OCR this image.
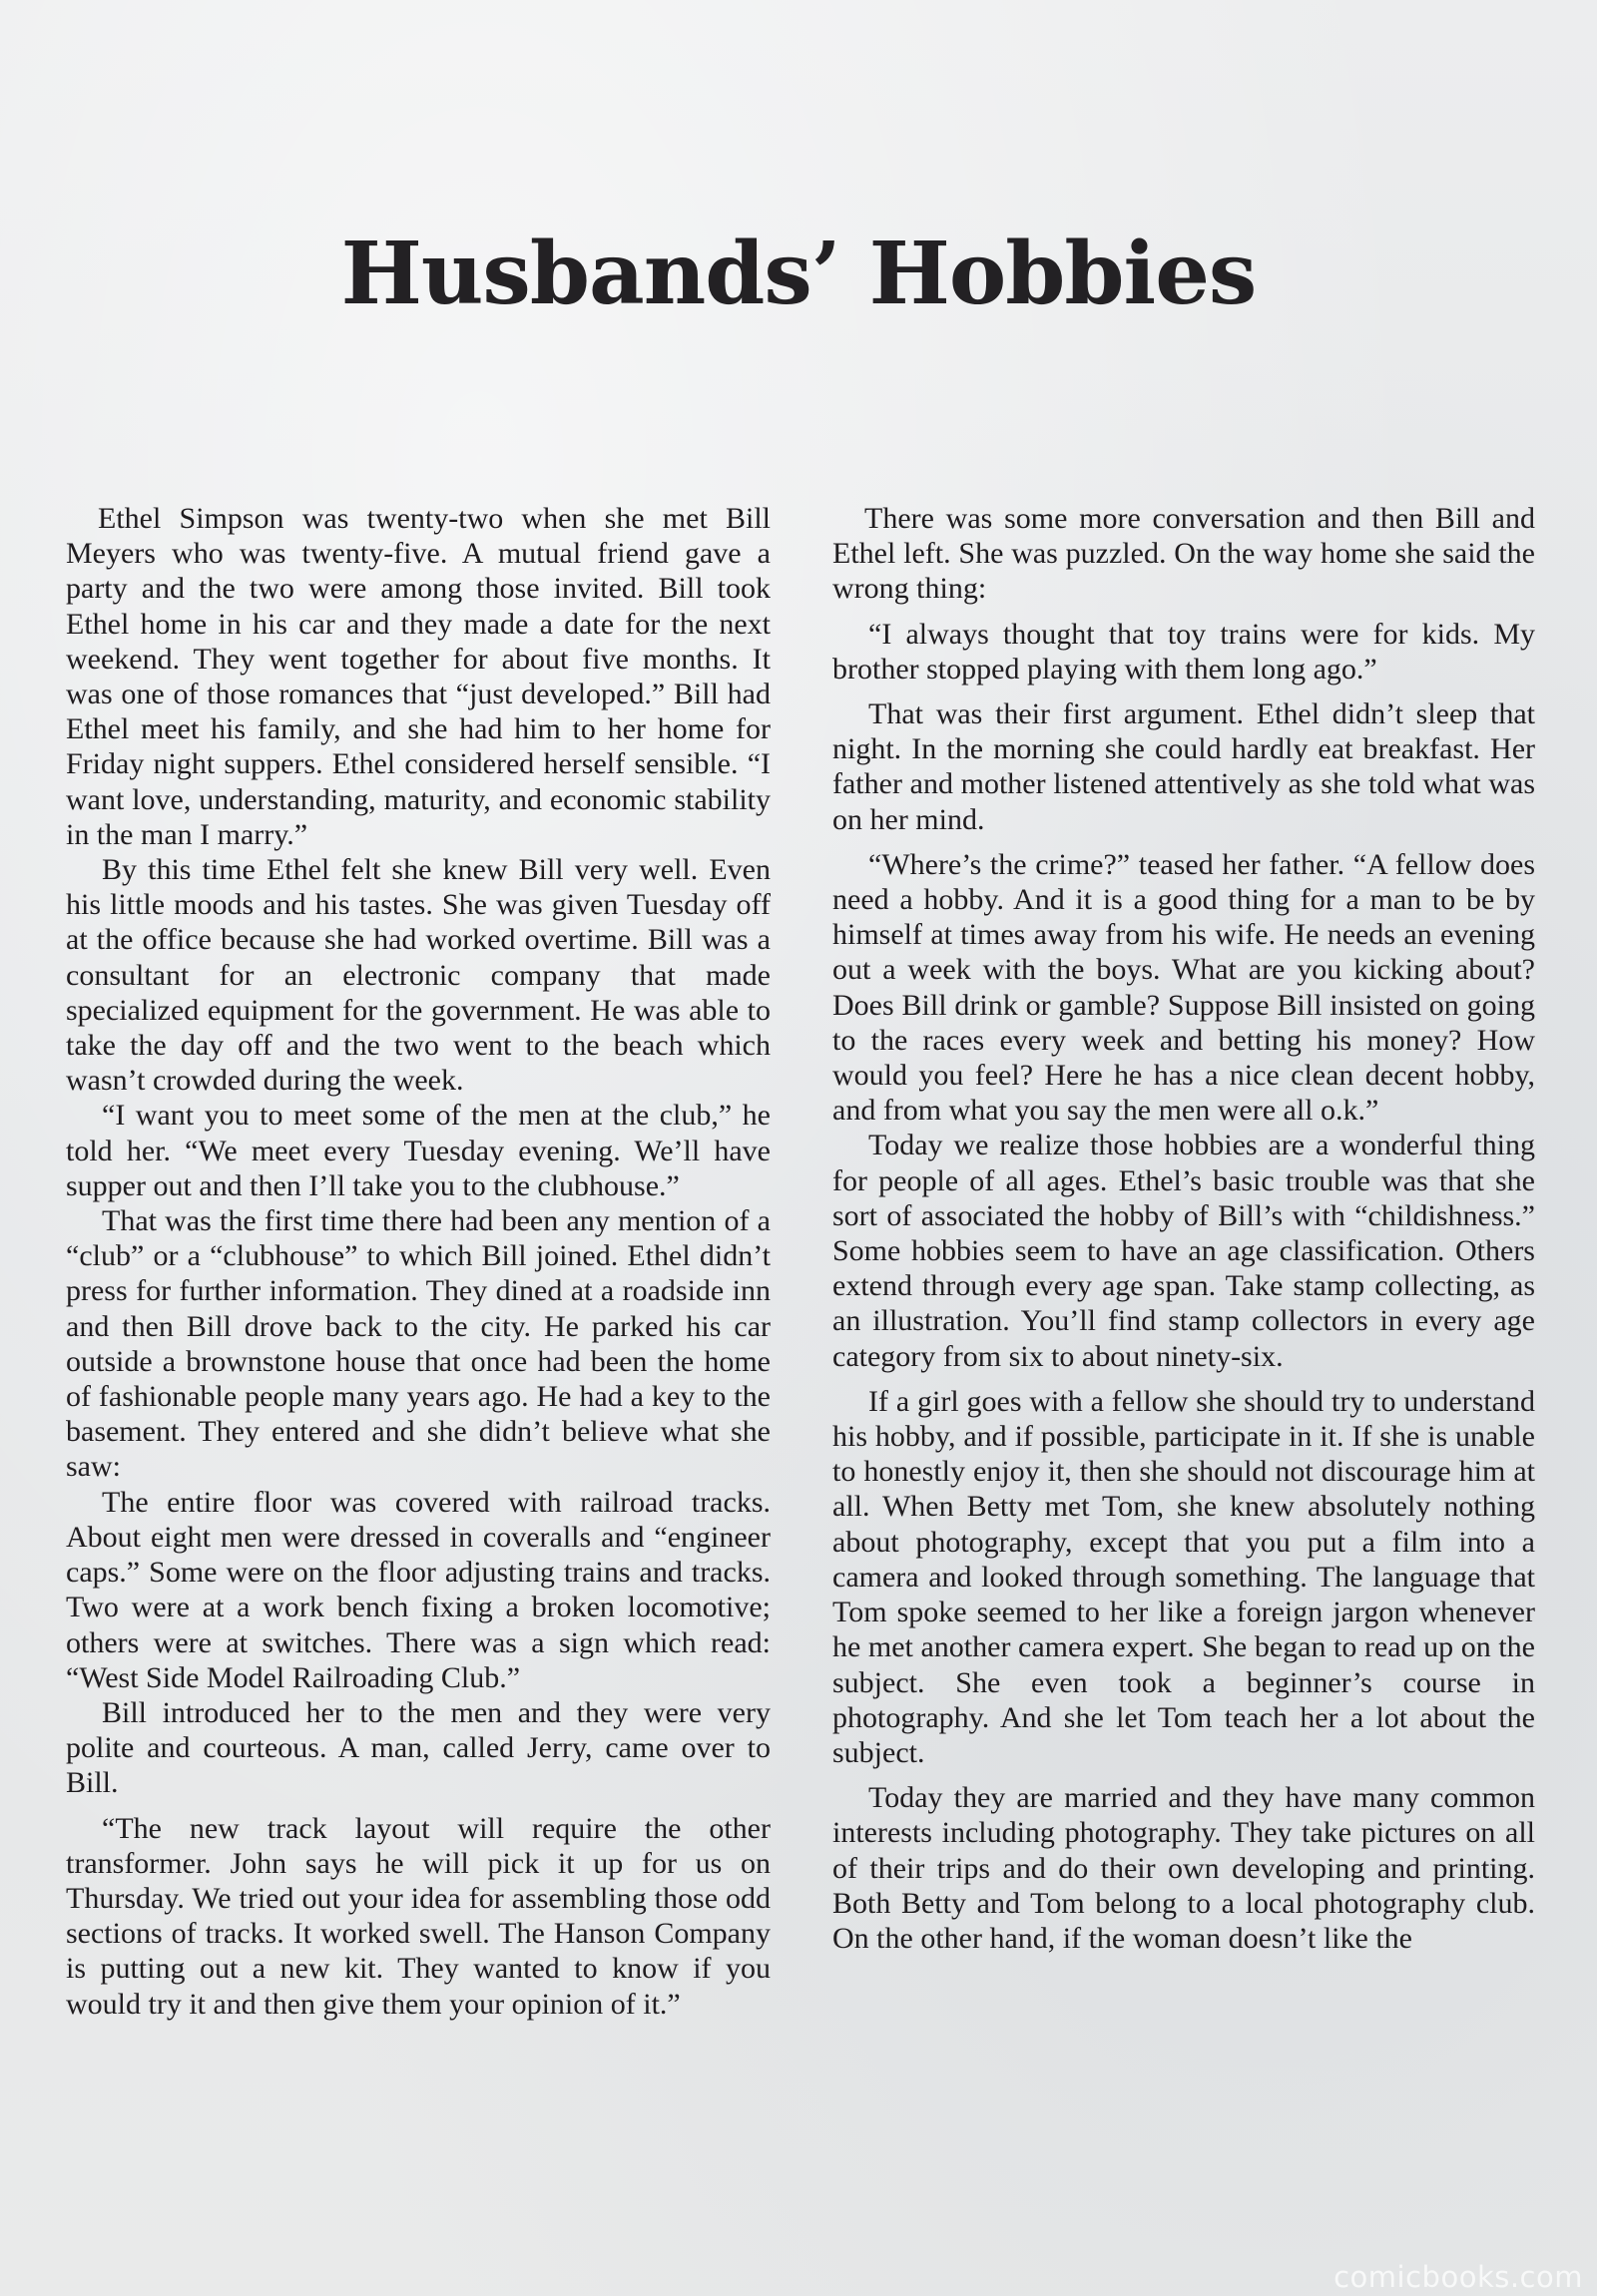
Husbands’ Hobbies

Ethel Simpson was twenty-two when she met Bill Meyers who was twenty-five. A mutual friend gave a party and the two were among those invited. Bill took Ethel home in his car and they made a date for the next weekend. They went together for about five months. It was one of those romances that “just developed.” Bill had Ethel meet his family, and she had him to her home for Friday night suppers. Ethel considered herself sensible. “I want love, understanding, maturity, and economic stability in the man I marry.”

By this time Ethel felt she knew Bill very well. Even his little moods and his tastes. She was given Tuesday off at the office because she had worked overtime. Bill was a consultant for an electronic company that made specialized equipment for the government. He was able to take the day off and the two went to the beach which wasn’t crowded during the week.

“I want you to meet some of the men at the club,” he told her. “We meet every Tuesday evening. We’ll have supper out and then I’ll take you to the clubhouse.”

That was the first time there had been any mention of a “club” or a “clubhouse” to which Bill joined. Ethel didn’t press for further information. They dined at a roadside inn and then Bill drove back to the city. He parked his car outside a brownstone house that once had been the home of fashionable people many years ago. He had a key to the basement. They entered and she didn’t believe what she saw:

The entire floor was covered with railroad tracks. About eight men were dressed in coveralls and “engineer caps.” Some were on the floor adjusting trains and tracks. Two were at a work bench fixing a broken locomotive; others were at switches. There was a sign which read: “West Side Model Railroading Club.”

Bill introduced her to the men and they were very polite and courteous. A man, called Jerry, came over to Bill.

“The new track layout will require the other transformer. John says he will pick it up for us on Thursday. We tried out your idea for assembling those odd sections of tracks. It worked swell. The Hanson Company is putting out a new kit. They wanted to know if you would try it and then give them your opinion of it.”

There was some more conversation and then Bill and Ethel left. She was puzzled. On the way home she said the wrong thing:

“I always thought that toy trains were for kids. My brother stopped playing with them long ago.”

That was their first argument. Ethel didn’t sleep that night. In the morning she could hardly eat breakfast. Her father and mother listened attentively as she told what was on her mind.

“Where’s the crime?” teased her father. “A fellow does need a hobby. And it is a good thing for a man to be by himself at times away from his wife. He needs an evening out a week with the boys. What are you kicking about? Does Bill drink or gamble? Suppose Bill insisted on going to the races every week and betting his money? How would you feel? Here he has a nice clean decent hobby, and from what you say the men were all o.k.”

Today we realize those hobbies are a wonderful thing for people of all ages. Ethel’s basic trouble was that she sort of associated the hobby of Bill’s with “childishness.” Some hobbies seem to have an age classification. Others extend through every age span. Take stamp collecting, as an illustration. You’ll find stamp collectors in every age category from six to about ninety-six.

If a girl goes with a fellow she should try to understand his hobby, and if possible, participate in it. If she is unable to honestly enjoy it, then she should not discourage him at all. When Betty met Tom, she knew absolutely nothing about photography, except that you put a film into a camera and looked through something. The language that Tom spoke seemed to her like a foreign jargon whenever he met another camera expert. She began to read up on the subject. She even took a beginner’s course in photography. And she let Tom teach her a lot about the subject.

Today they are married and they have many common interests including photography. They take pictures on all of their trips and do their own developing and printing. Both Betty and Tom belong to a local photography club. On the other hand, if the woman doesn’t like the

comicbooks.com
